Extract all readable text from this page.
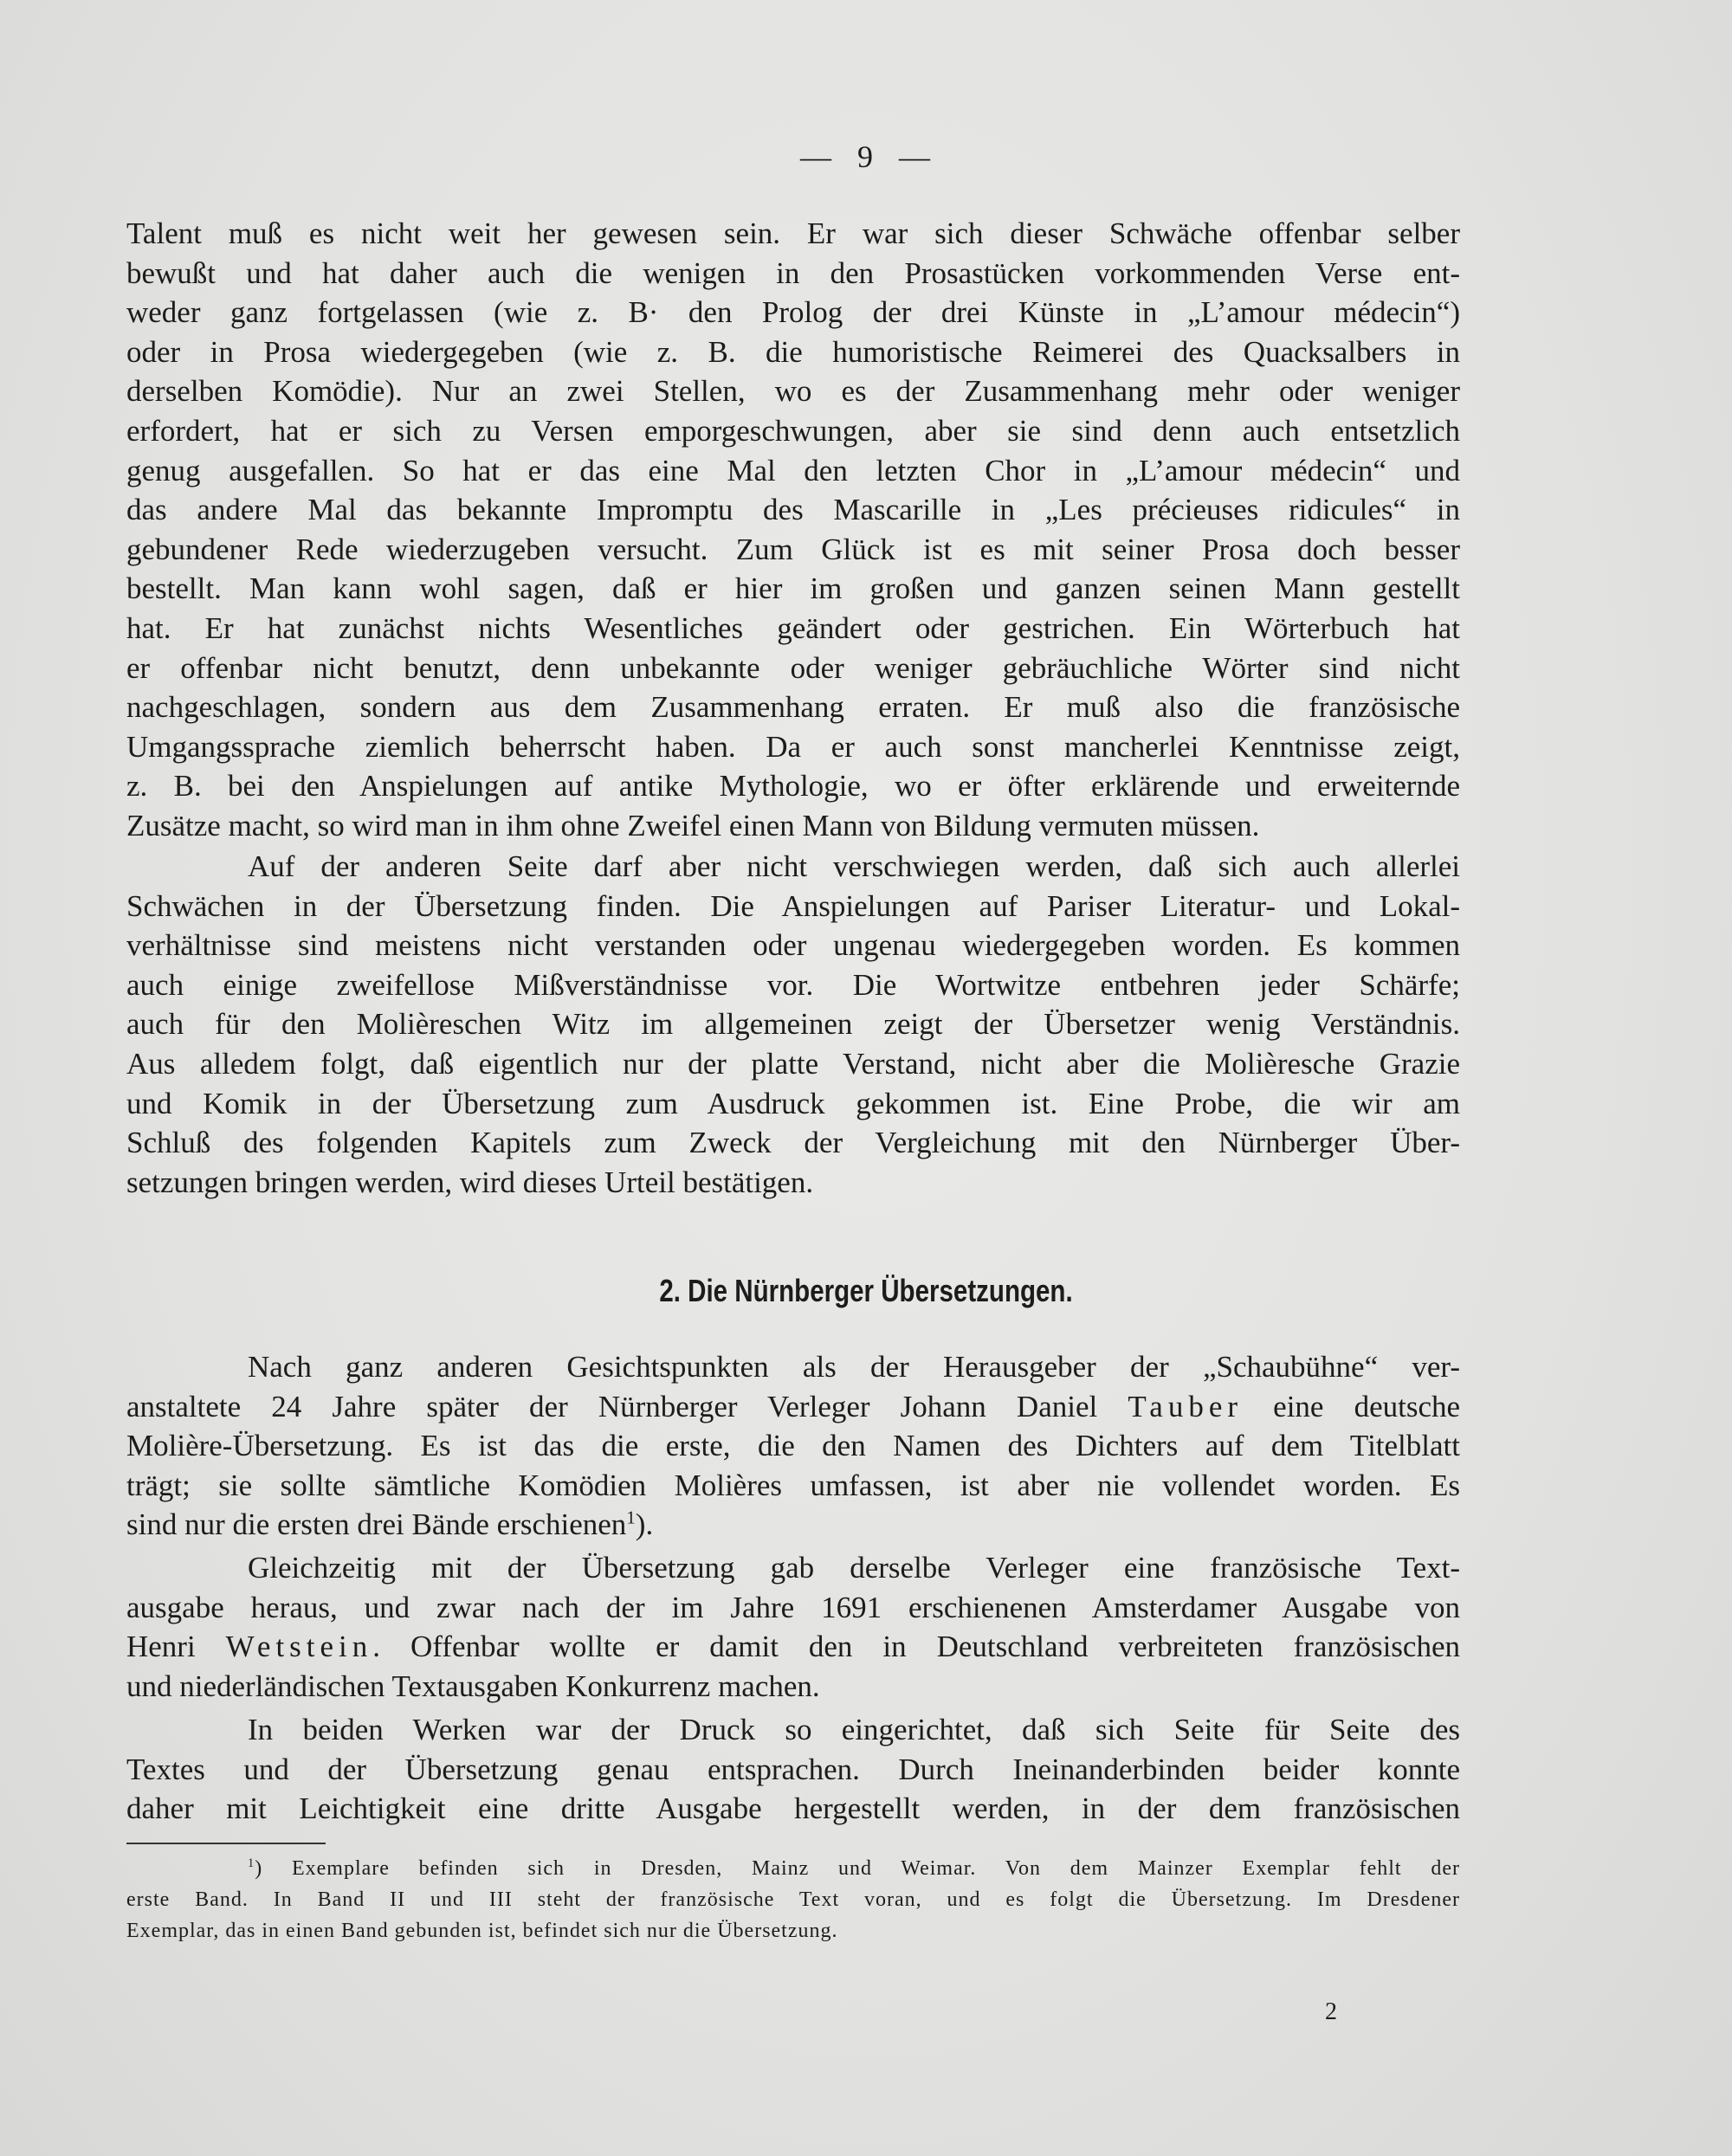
— 9 —
Talent muß es nicht weit her gewesen sein. Er war sich dieser Schwäche offenbar selber
bewußt und hat daher auch die wenigen in den Prosastücken vorkommenden Verse ent-
weder ganz fortgelassen (wie z. B· den Prolog der drei Künste in „L’amour médecin“)
oder in Prosa wiedergegeben (wie z. B. die humoristische Reimerei des Quacksalbers in
derselben Komödie). Nur an zwei Stellen, wo es der Zusammenhang mehr oder weniger
erfordert, hat er sich zu Versen emporgeschwungen, aber sie sind denn auch entsetzlich
genug ausgefallen. So hat er das eine Mal den letzten Chor in „L’amour médecin“ und
das andere Mal das bekannte Impromptu des Mascarille in „Les précieuses ridicules“ in
gebundener Rede wiederzugeben versucht. Zum Glück ist es mit seiner Prosa doch besser
bestellt. Man kann wohl sagen, daß er hier im großen und ganzen seinen Mann gestellt
hat. Er hat zunächst nichts Wesentliches geändert oder gestrichen. Ein Wörterbuch hat
er offenbar nicht benutzt, denn unbekannte oder weniger gebräuchliche Wörter sind nicht
nachgeschlagen, sondern aus dem Zusammenhang erraten. Er muß also die französische
Umgangssprache ziemlich beherrscht haben. Da er auch sonst mancherlei Kenntnisse zeigt,
z. B. bei den Anspielungen auf antike Mythologie, wo er öfter erklärende und erweiternde
Zusätze macht, so wird man in ihm ohne Zweifel einen Mann von Bildung vermuten müssen.
Auf der anderen Seite darf aber nicht verschwiegen werden, daß sich auch allerlei
Schwächen in der Übersetzung finden. Die Anspielungen auf Pariser Literatur- und Lokal-
verhältnisse sind meistens nicht verstanden oder ungenau wiedergegeben worden. Es kommen
auch einige zweifellose Mißverständnisse vor. Die Wortwitze entbehren jeder Schärfe;
auch für den Molièreschen Witz im allgemeinen zeigt der Übersetzer wenig Verständnis.
Aus alledem folgt, daß eigentlich nur der platte Verstand, nicht aber die Molièresche Grazie
und Komik in der Übersetzung zum Ausdruck gekommen ist. Eine Probe, die wir am
Schluß des folgenden Kapitels zum Zweck der Vergleichung mit den Nürnberger Über-
setzungen bringen werden, wird dieses Urteil bestätigen.
2. Die Nürnberger Übersetzungen.
Nach ganz anderen Gesichtspunkten als der Herausgeber der „Schaubühne“ ver-
anstaltete 24 Jahre später der Nürnberger Verleger Johann Daniel Tauber eine deutsche
Molière-Übersetzung. Es ist das die erste, die den Namen des Dichters auf dem Titelblatt
trägt; sie sollte sämtliche Komödien Molières umfassen, ist aber nie vollendet worden. Es
sind nur die ersten drei Bände erschienen$^1$).
Gleichzeitig mit der Übersetzung gab derselbe Verleger eine französische Text-
ausgabe heraus, und zwar nach der im Jahre 1691 erschienenen Amsterdamer Ausgabe von
Henri Wetstein. Offenbar wollte er damit den in Deutschland verbreiteten französischen
und niederländischen Textausgaben Konkurrenz machen.
In beiden Werken war der Druck so eingerichtet, daß sich Seite für Seite des
Textes und der Übersetzung genau entsprachen. Durch Ineinanderbinden beider konnte
daher mit Leichtigkeit eine dritte Ausgabe hergestellt werden, in der dem französischen
$^1$) Exemplare befinden sich in Dresden, Mainz und Weimar. Von dem Mainzer Exemplar fehlt der
erste Band. In Band II und III steht der französische Text voran, und es folgt die Übersetzung. Im Dresdener
Exemplar, das in einen Band gebunden ist, befindet sich nur die Übersetzung.
2
